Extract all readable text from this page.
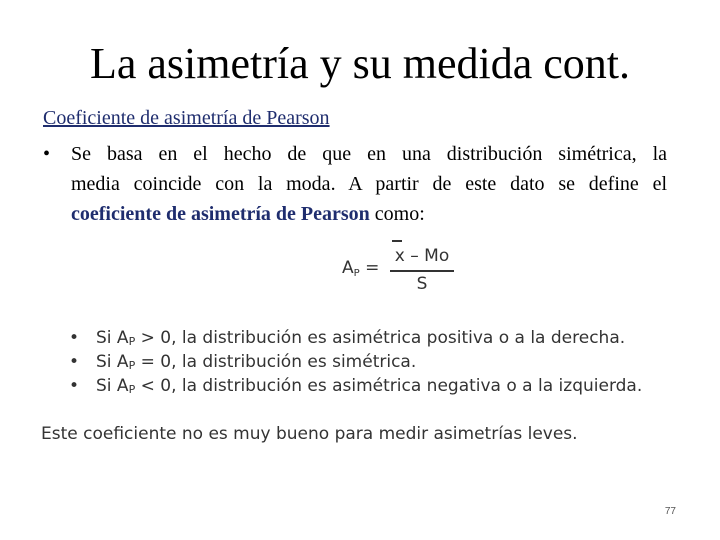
La asimetría y su medida cont.
Coeficiente de asimetría de Pearson
•	Se basa en el hecho de que en una distribución simétrica, la
media coincide con la moda. A partir de este dato se define el
coeficiente de asimetría de Pearson como:
$A_P$ =
x – Mo
S
• Si $A_P > 0$, la distribución es asimétrica positiva o a la derecha.
• Si $A_P = 0$, la distribución es simétrica.
• Si $A_P < 0$, la distribución es asimétrica negativa o a la izquierda.
Este coeficiente no es muy bueno para medir asimetrías leves.
77
